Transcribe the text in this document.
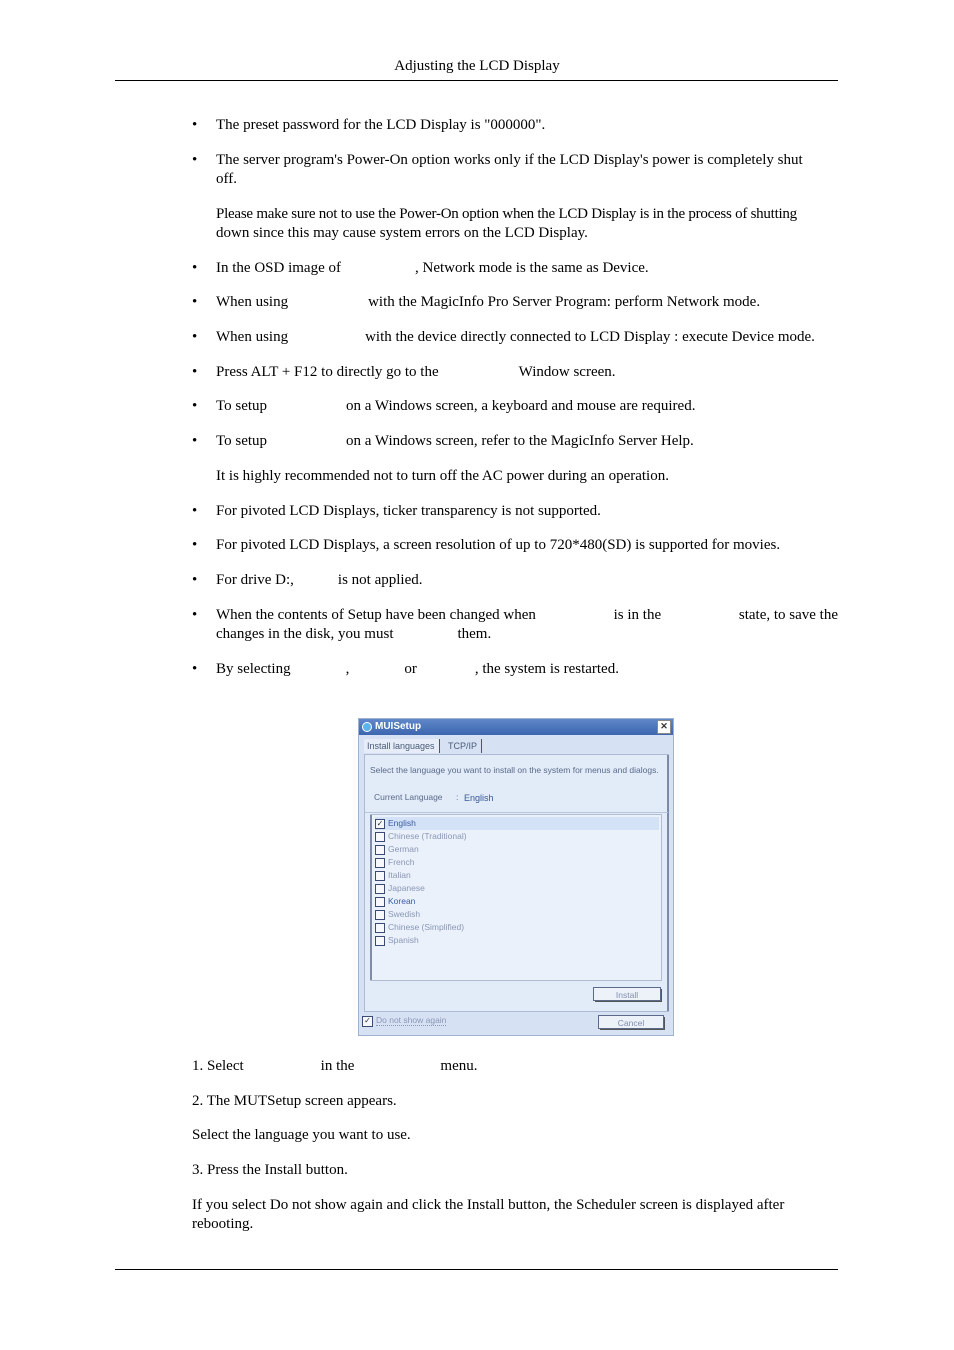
Adjusting the LCD Display
• The preset password for the LCD Display is "000000".
• The server program's Power-On option works only if the LCD Display's power is completely shut
off.
Please make sure not to use the Power-On option when the LCD Display is in the process of shutting
down since this may cause system errors on the LCD Display.
• In the OSD image of	, Network mode is the same as Device.
• When using	with the MagicInfo Pro Server Program: perform Network mode.
• When using	with the device directly connected to LCD Display : execute Device mode.
• Press ALT + F12 to directly go to the	Window screen.
• To setup	on a Windows screen, a keyboard and mouse are required.
• To setup	on a Windows screen, refer to the MagicInfo Server Help.
It is highly recommended not to turn off the AC power during an operation.
• For pivoted LCD Displays, ticker transparency is not supported.
• For pivoted LCD Displays, a screen resolution of up to 720*480(SD) is supported for movies.
• For drive D:,	is not applied.
• When the contents of Setup have been changed when	is in the	state, to save the
changes in the disk, you must	them.
• By selecting	,	or	, the system is restarted.
MUISetup	✕
Install languages	TCP/IP
Select the language you want to install on the system for menus and dialogs.
Current Language : English
✓ English
Chinese (Traditional)
German
French
Italian
Japanese
Korean
Swedish
Chinese (Simplified)
Spanish
Install
✓ Do not show again	Cancel
1. Select	in the	menu.
2. The MUTSetup screen appears.
Select the language you want to use.
3. Press the Install button.
If you select Do not show again and click the Install button, the Scheduler screen is displayed after
rebooting.
